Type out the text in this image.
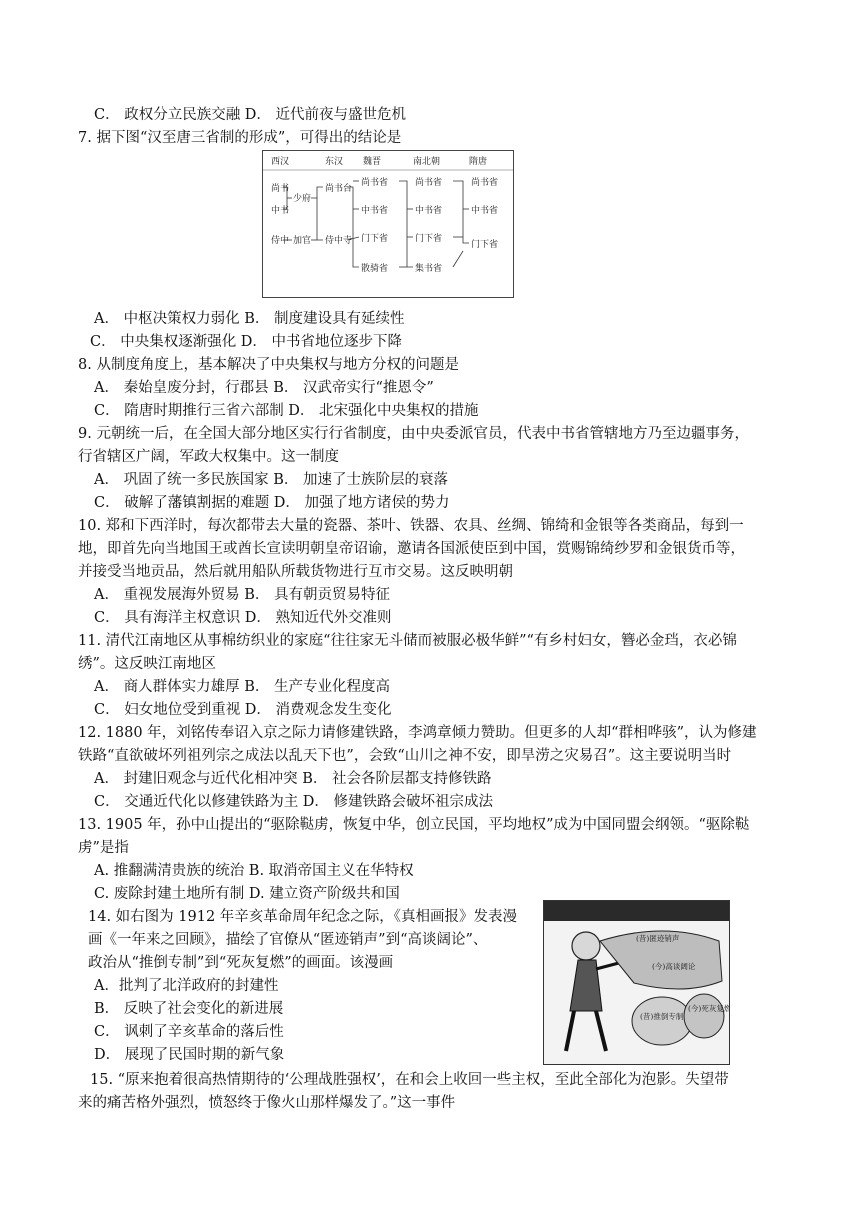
C． 政权分立民族交融 D． 近代前夜与盛世危机
7. 据下图“汉至唐三省制的形成”，可得出的结论是
西汉	东汉 魏晋	南北朝	隋唐
尚书
中书
侍中
少府
加官
尚书台
侍中寺
尚书省
中书省
门下省
散骑省
尚书省
中书省
门下省
集书省
尚书省
中书省
门下省
A． 中枢决策权力弱化 B． 制度建设具有延续性
C． 中央集权逐渐强化 D． 中书省地位逐步下降
8. 从制度角度上，基本解决了中央集权与地方分权的问题是
A． 秦始皇废分封，行郡县 B． 汉武帝实行“推恩令”
C． 隋唐时期推行三省六部制 D． 北宋强化中央集权的措施
9. 元朝统一后，在全国大部分地区实行行省制度，由中央委派官员，代表中书省管辖地方乃至边疆事务，
行省辖区广阔，军政大权集中。这一制度
A． 巩固了统一多民族国家 B． 加速了士族阶层的衰落
C． 破解了藩镇割据的难题 D． 加强了地方诸侯的势力
10. 郑和下西洋时，每次都带去大量的瓷器、茶叶、铁器、农具、丝绸、锦绮和金银等各类商品，每到一
地，即首先向当地国王或酋长宣读明朝皇帝诏谕，邀请各国派使臣到中国，赏赐锦绮纱罗和金银货币等，
并接受当地贡品，然后就用船队所载货物进行互市交易。这反映明朝
A． 重视发展海外贸易 B． 具有朝贡贸易特征
C． 具有海洋主权意识 D． 熟知近代外交准则
11. 清代江南地区从事棉纺织业的家庭“往往家无斗储而被服必极华鲜”“有乡村妇女，簪必金珰，衣必锦
绣”。这反映江南地区
A． 商人群体实力雄厚 B． 生产专业化程度高
C． 妇女地位受到重视 D． 消费观念发生变化
12. 1880 年，刘铭传奉诏入京之际力请修建铁路，李鸿章倾力赞助。但更多的人却“群相哗骇”，认为修建
铁路“直欲破坏列祖列宗之成法以乱天下也”，会致“山川之神不安，即旱涝之灾易召”。这主要说明当时
A． 封建旧观念与近代化相冲突 B． 社会各阶层都支持修铁路
C． 交通近代化以修建铁路为主 D． 修建铁路会破坏祖宗成法
13. 1905 年，孙中山提出的“驱除鞑虏，恢复中华，创立民国，平均地权”成为中国同盟会纲领。“驱除鞑
虏”是指
A. 推翻满清贵族的统治 B. 取消帝国主义在华特权
C. 废除封建土地所有制 D. 建立资产阶级共和国
14. 如右图为 1912 年辛亥革命周年纪念之际，《真相画报》发表漫
画《一年来之回顾》，描绘了官僚从“匿迹销声”到“高谈阔论”、
政治从“推倒专制”到“死灰复燃”的画面。该漫画
A．批判了北洋政府的封建性
B． 反映了社会变化的新进展
C． 讽刺了辛亥革命的落后性
D． 展现了民国时期的新气象
(昔)匿迹销声
(今)高谈阔论
(昔)推倒专制
(今)死灰复燃
15. “原来抱着很高热情期待的‘公理战胜强权’，在和会上收回一些主权，至此全部化为泡影。失望带
来的痛苦格外强烈，愤怒终于像火山那样爆发了。”这一事件
